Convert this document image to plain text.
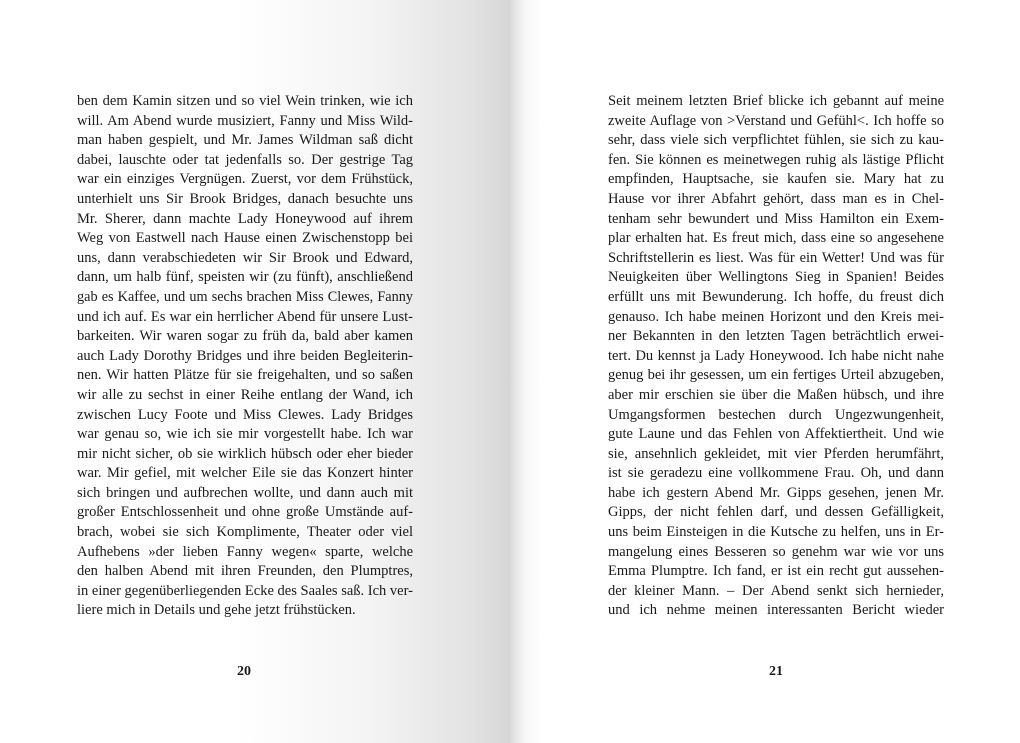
ben dem Kamin sitzen und so viel Wein trinken, wie ich
will. Am Abend wurde musiziert, Fanny und Miss Wild-
man haben gespielt, und Mr. James Wildman saß dicht
dabei, lauschte oder tat jedenfalls so. Der gestrige Tag
war ein einziges Vergnügen. Zuerst, vor dem Frühstück,
unterhielt uns Sir Brook Bridges, danach besuchte uns
Mr. Sherer, dann machte Lady Honeywood auf ihrem
Weg von Eastwell nach Hause einen Zwischenstopp bei
uns, dann verabschiedeten wir Sir Brook und Edward,
dann, um halb fünf, speisten wir (zu fünft), anschließend
gab es Kaffee, und um sechs brachen Miss Clewes, Fanny
und ich auf. Es war ein herrlicher Abend für unsere Lust-
barkeiten. Wir waren sogar zu früh da, bald aber kamen
auch Lady Dorothy Bridges und ihre beiden Begleiterin-
nen. Wir hatten Plätze für sie freigehalten, und so saßen
wir alle zu sechst in einer Reihe entlang der Wand, ich
zwischen Lucy Foote und Miss Clewes. Lady Bridges
war genau so, wie ich sie mir vorgestellt habe. Ich war
mir nicht sicher, ob sie wirklich hübsch oder eher bieder
war. Mir gefiel, mit welcher Eile sie das Konzert hinter
sich bringen und aufbrechen wollte, und dann auch mit
großer Entschlossenheit und ohne große Umstände auf-
brach, wobei sie sich Komplimente, Theater oder viel
Aufhebens »der lieben Fanny wegen« sparte, welche
den halben Abend mit ihren Freunden, den Plumptres,
in einer gegenüberliegenden Ecke des Saales saß. Ich ver-
liere mich in Details und gehe jetzt frühstücken.
20
Seit meinem letzten Brief blicke ich gebannt auf meine
zweite Auflage von >Verstand und Gefühl<. Ich hoffe so
sehr, dass viele sich verpflichtet fühlen, sie sich zu kau-
fen. Sie können es meinetwegen ruhig als lästige Pflicht
empfinden, Hauptsache, sie kaufen sie. Mary hat zu
Hause vor ihrer Abfahrt gehört, dass man es in Chel-
tenham sehr bewundert und Miss Hamilton ein Exem-
plar erhalten hat. Es freut mich, dass eine so angesehene
Schriftstellerin es liest. Was für ein Wetter! Und was für
Neuigkeiten über Wellingtons Sieg in Spanien! Beides
erfüllt uns mit Bewunderung. Ich hoffe, du freust dich
genauso. Ich habe meinen Horizont und den Kreis mei-
ner Bekannten in den letzten Tagen beträchtlich erwei-
tert. Du kennst ja Lady Honeywood. Ich habe nicht nahe
genug bei ihr gesessen, um ein fertiges Urteil abzugeben,
aber mir erschien sie über die Maßen hübsch, und ihre
Umgangsformen bestechen durch Ungezwungenheit,
gute Laune und das Fehlen von Affektiertheit. Und wie
sie, ansehnlich gekleidet, mit vier Pferden herumfährt,
ist sie geradezu eine vollkommene Frau. Oh, und dann
habe ich gestern Abend Mr. Gipps gesehen, jenen Mr.
Gipps, der nicht fehlen darf, und dessen Gefälligkeit,
uns beim Einsteigen in die Kutsche zu helfen, uns in Er-
mangelung eines Besseren so genehm war wie vor uns
Emma Plumptre. Ich fand, er ist ein recht gut aussehen-
der kleiner Mann. – Der Abend senkt sich hernieder,
und ich nehme meinen interessanten Bericht wieder
21
